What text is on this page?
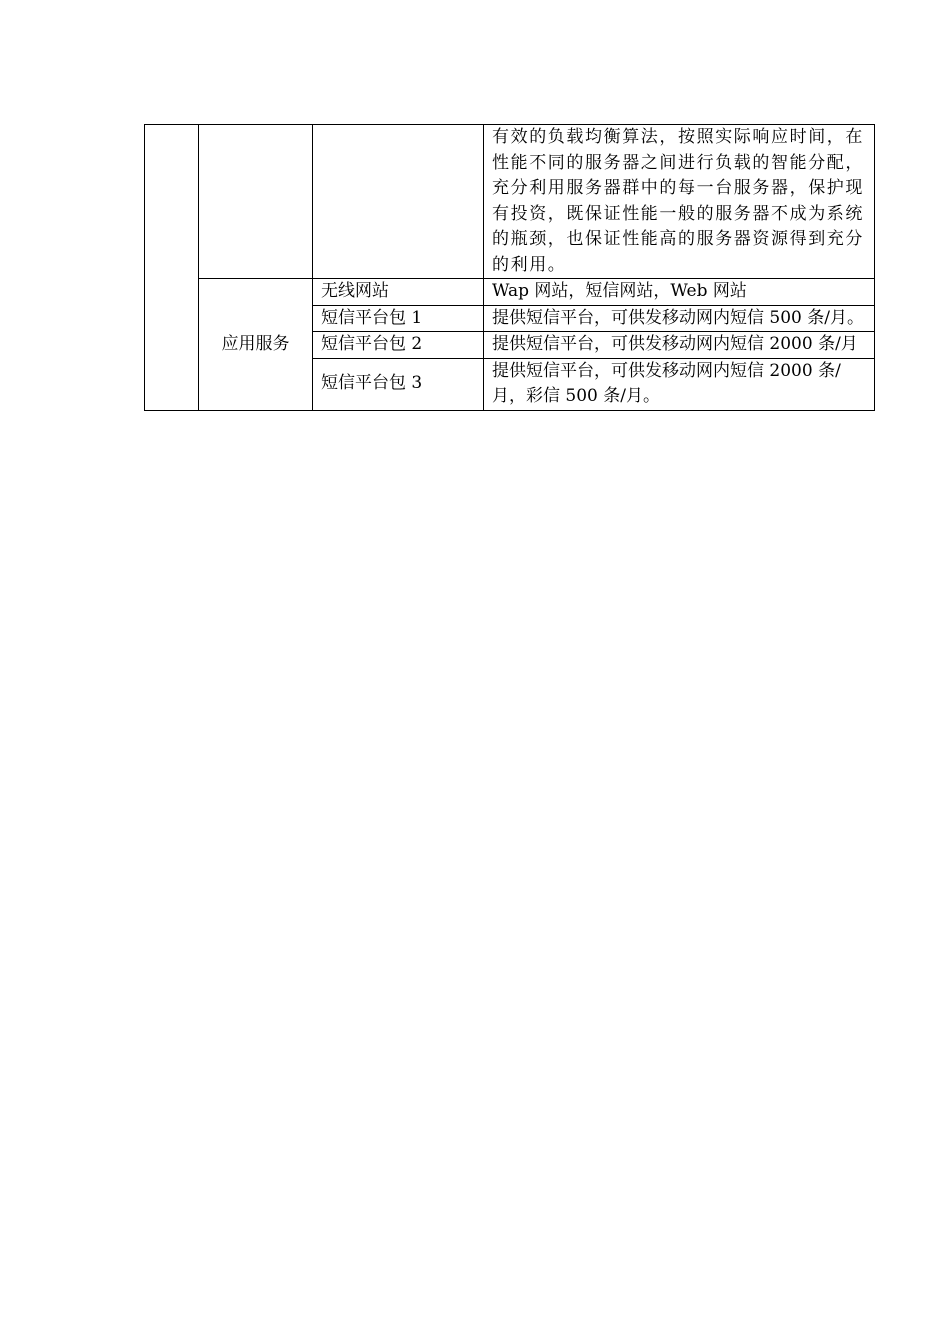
			有效的负载均衡算法，按照实际响应时间，在性能不同的服务器之间进行负载的智能分配，充分利用服务器群中的每一台服务器，保护现有投资，既保证性能一般的服务器不成为系统的瓶颈，也保证性能高的服务器资源得到充分的利用。
	应用服务	无线网站	Wap 网站，短信网站，Web 网站
		短信平台包 1	提供短信平台，可供发移动网内短信 500 条/月。
		短信平台包 2	提供短信平台，可供发移动网内短信 2000 条/月
		短信平台包 3	提供短信平台，可供发移动网内短信 2000 条/月，彩信 500 条/月。
